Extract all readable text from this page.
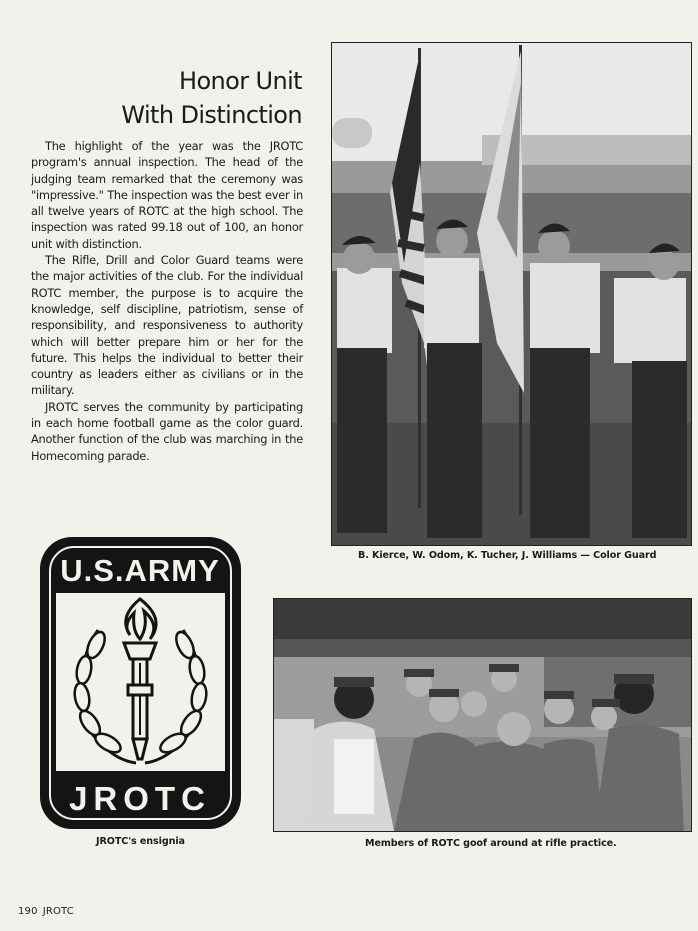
Honor Unit
With Distinction

The highlight of the year was the JROTC program's annual inspection. The head of the judging team remarked that the ceremony was "impressive." The inspection was the best ever in all twelve years of ROTC at the high school. The inspection was rated 99.18 out of 100, an honor unit with distinction.

The Rifle, Drill and Color Guard teams were the major activities of the club. For the individual ROTC member, the purpose is to acquire the knowledge, self discipline, patriotism, sense of responsibility, and responsiveness to authority which will better prepare him or her for the future. This helps the individual to better their country as leaders either as civilians or in the military.

JROTC serves the community by participating in each home football game as the color guard. Another function of the club was marching in the Homecoming parade.

B. Kierce, W. Odom, K. Tucher, J. Williams — Color Guard
U.S.ARMY
JROTC
JROTC's ensignia	Members of ROTC goof around at rifle practice.
190 JROTC
